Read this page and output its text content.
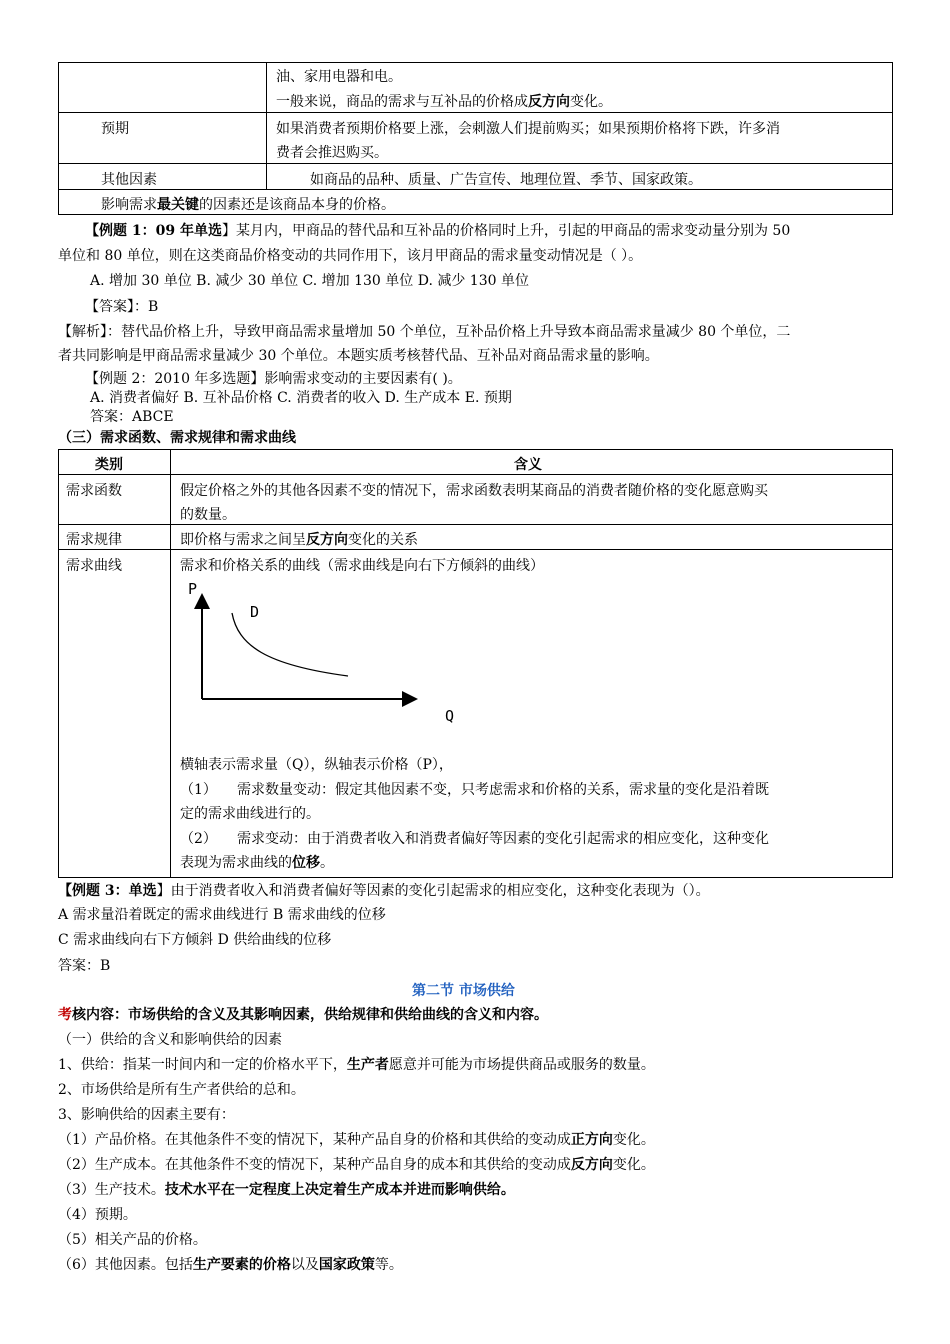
油、家用电器和电。
一般来说，商品的需求与互补品的价格成反方向变化。
预期	如果消费者预期价格要上涨，会刺激人们提前购买；如果预期价格将下跌，许多消
费者会推迟购买。
其他因素	如商品的品种、质量、广告宣传、地理位置、季节、国家政策。
影响需求最关键的因素还是该商品本身的价格。
【例题 1：09 年单选】某月内，甲商品的替代品和互补品的价格同时上升，引起的甲商品的需求变动量分别为 50
单位和 80 单位，则在这类商品价格变动的共同作用下，该月甲商品的需求量变动情况是（ ）。
A. 增加 30 单位 B. 减少 30 单位 C. 增加 130 单位 D. 减少 130 单位
【答案】：B
【解析】：替代品价格上升，导致甲商品需求量增加 50 个单位，互补品价格上升导致本商品需求量减少 80 个单位，二
者共同影响是甲商品需求量减少 30 个单位。本题实质考核替代品、互补品对商品需求量的影响。
【例题 2：2010 年多选题】影响需求变动的主要因素有( )。
A. 消费者偏好 B. 互补品价格 C. 消费者的收入 D. 生产成本 E. 预期
答案：ABCE
（三）需求函数、需求规律和需求曲线
类别	含义
需求函数	假定价格之外的其他各因素不变的情况下，需求函数表明某商品的消费者随价格的变化愿意购买
的数量。
需求规律	即价格与需求之间呈反方向变化的关系
需求曲线	需求和价格关系的曲线（需求曲线是向右下方倾斜的曲线）
P
D
Q
横轴表示需求量（Q），纵轴表示价格（P），
（1） 需求数量变动：假定其他因素不变，只考虑需求和价格的关系，需求量的变化是沿着既
定的需求曲线进行的。
（2） 需求变动：由于消费者收入和消费者偏好等因素的变化引起需求的相应变化，这种变化
表现为需求曲线的位移。
【例题 3：单选】由于消费者收入和消费者偏好等因素的变化引起需求的相应变化，这种变化表现为（）。
A 需求量沿着既定的需求曲线进行 B 需求曲线的位移
C 需求曲线向右下方倾斜 D 供给曲线的位移
答案：B
第二节 市场供给
考核内容：市场供给的含义及其影响因素，供给规律和供给曲线的含义和内容。
（一）供给的含义和影响供给的因素
1、供给：指某一时间内和一定的价格水平下，生产者愿意并可能为市场提供商品或服务的数量。
2、市场供给是所有生产者供给的总和。
3、影响供给的因素主要有：
（1）产品价格。在其他条件不变的情况下，某种产品自身的价格和其供给的变动成正方向变化。
（2）生产成本。在其他条件不变的情况下，某种产品自身的成本和其供给的变动成反方向变化。
（3）生产技术。技术水平在一定程度上决定着生产成本并进而影响供给。
（4）预期。
（5）相关产品的价格。
（6）其他因素。包括生产要素的价格以及国家政策等。
